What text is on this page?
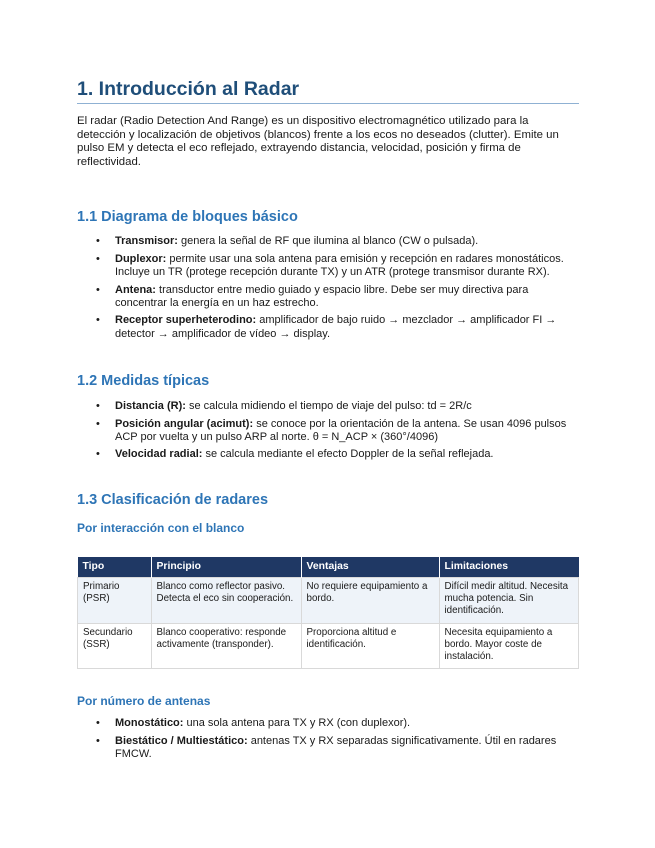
1. Introducción al Radar

El radar (Radio Detection And Range) es un dispositivo electromagnético utilizado para la detección y localización de objetivos (blancos) frente a los ecos no deseados (clutter). Emite un pulso EM y detecta el eco reflejado, extrayendo distancia, velocidad, posición y firma de reflectividad.

1.1 Diagrama de bloques básico
• Transmisor: genera la señal de RF que ilumina al blanco (CW o pulsada).
• Duplexor: permite usar una sola antena para emisión y recepción en radares monostáticos. Incluye un TR (protege recepción durante TX) y un ATR (protege transmisor durante RX).
• Antena: transductor entre medio guiado y espacio libre. Debe ser muy directiva para concentrar la energía en un haz estrecho.
• Receptor superheterodino: amplificador de bajo ruido → mezclador → amplificador FI → detector → amplificador de vídeo → display.
1.2 Medidas típicas
• Distancia (R): se calcula midiendo el tiempo de viaje del pulso: td = 2R/c
• Posición angular (acimut): se conoce por la orientación de la antena. Se usan 4096 pulsos ACP por vuelta y un pulso ARP al norte. θ = N_ACP × (360°/4096)
• Velocidad radial: se calcula mediante el efecto Doppler de la señal reflejada.
1.3 Clasificación de radares
Por interacción con el blanco
Tipo	Principio	Ventajas	Limitaciones
Primario (PSR)	Blanco como reflector pasivo. Detecta el eco sin cooperación.	No requiere equipamiento a bordo.	Difícil medir altitud. Necesita mucha potencia. Sin identificación.
Secundario (SSR)	Blanco cooperativo: responde activamente (transponder).	Proporciona altitud e identificación.	Necesita equipamiento a bordo. Mayor coste de instalación.
Por número de antenas
• Monostático: una sola antena para TX y RX (con duplexor).
• Biestático / Multiestático: antenas TX y RX separadas significativamente. Útil en radares FMCW.
